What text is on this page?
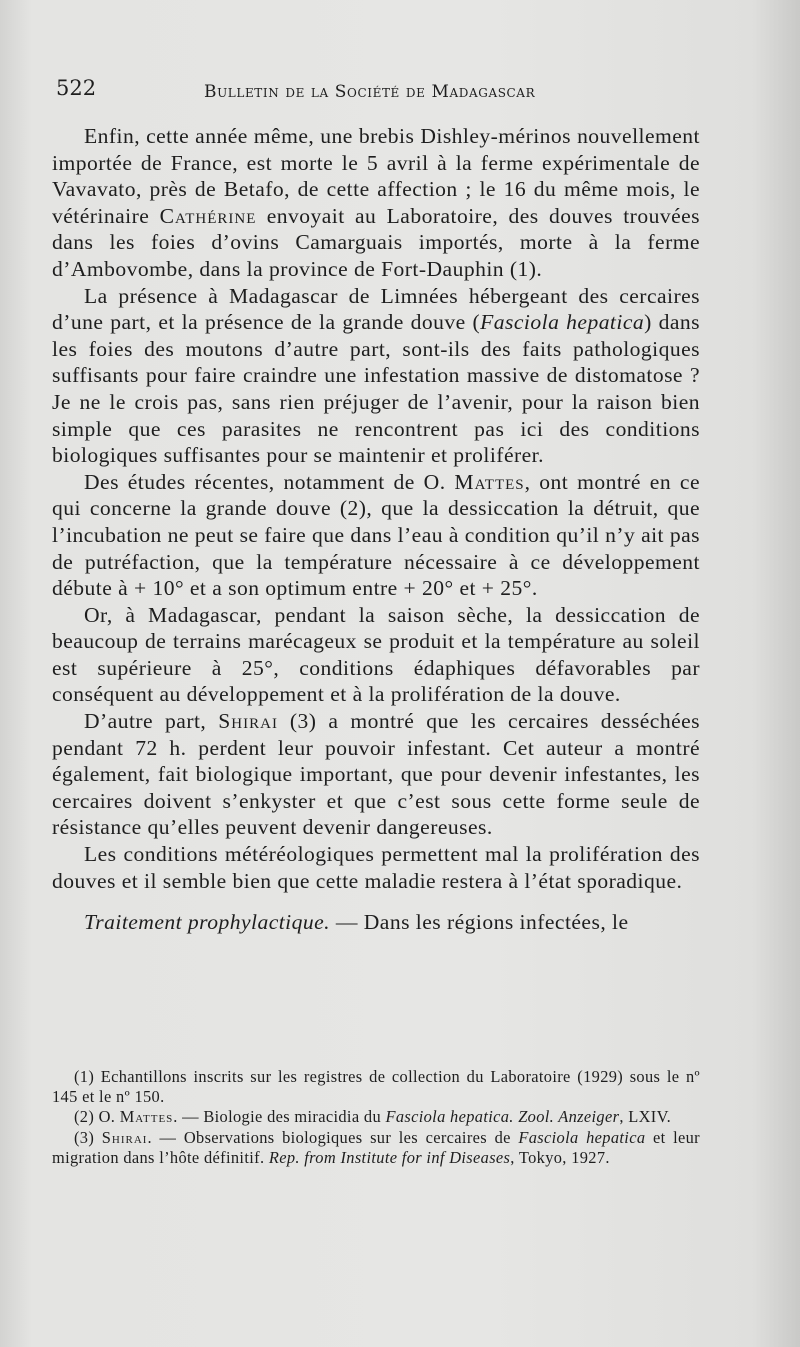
522	Bulletin de la Société de Madagascar

Enfin, cette année même, une brebis Dishley-mérinos nouvellement importée de France, est morte le 5 avril à la ferme expérimentale de Vavavato, près de Betafo, de cette affection ; le 16 du même mois, le vétérinaire Cathérine envoyait au Laboratoire, des douves trouvées dans les foies d’ovins Camarguais importés, morte à la ferme d’Ambovombe, dans la province de Fort-Dauphin (1).

La présence à Madagascar de Limnées hébergeant des cercaires d’une part, et la présence de la grande douve (Fasciola hepatica) dans les foies des moutons d’autre part, sont-ils des faits pathologiques suffisants pour faire craindre une infestation massive de distomatose ? Je ne le crois pas, sans rien préjuger de l’avenir, pour la raison bien simple que ces parasites ne rencontrent pas ici des conditions biologiques suffisantes pour se maintenir et proliférer.

Des études récentes, notamment de O. Mattes, ont montré en ce qui concerne la grande douve (2), que la dessiccation la détruit, que l’incubation ne peut se faire que dans l’eau à condition qu’il n’y ait pas de putréfaction, que la température nécessaire à ce développement débute à + 10° et a son optimum entre + 20° et + 25°.

Or, à Madagascar, pendant la saison sèche, la dessiccation de beaucoup de terrains marécageux se produit et la température au soleil est supérieure à 25°, conditions édaphiques défavorables par conséquent au développement et à la prolifération de la douve.

D’autre part, Shirai (3) a montré que les cercaires desséchées pendant 72 h. perdent leur pouvoir infestant. Cet auteur a montré également, fait biologique important, que pour devenir infestantes, les cercaires doivent s’enkyster et que c’est sous cette forme seule de résistance qu’elles peuvent devenir dangereuses.

Les conditions météréologiques permettent mal la prolifération des douves et il semble bien que cette maladie restera à l’état sporadique.

Traitement prophylactique. — Dans les régions infectées, le

(1) Echantillons inscrits sur les registres de collection du Laboratoire (1929) sous le nº 145 et le nº 150.

(2) O. Mattes. — Biologie des miracidia du Fasciola hepatica. Zool. Anzeiger, LXIV.

(3) Shirai. — Observations biologiques sur les cercaires de Fasciola hepatica et leur migration dans l’hôte définitif. Rep. from Institute for inf Diseases, Tokyo, 1927.
